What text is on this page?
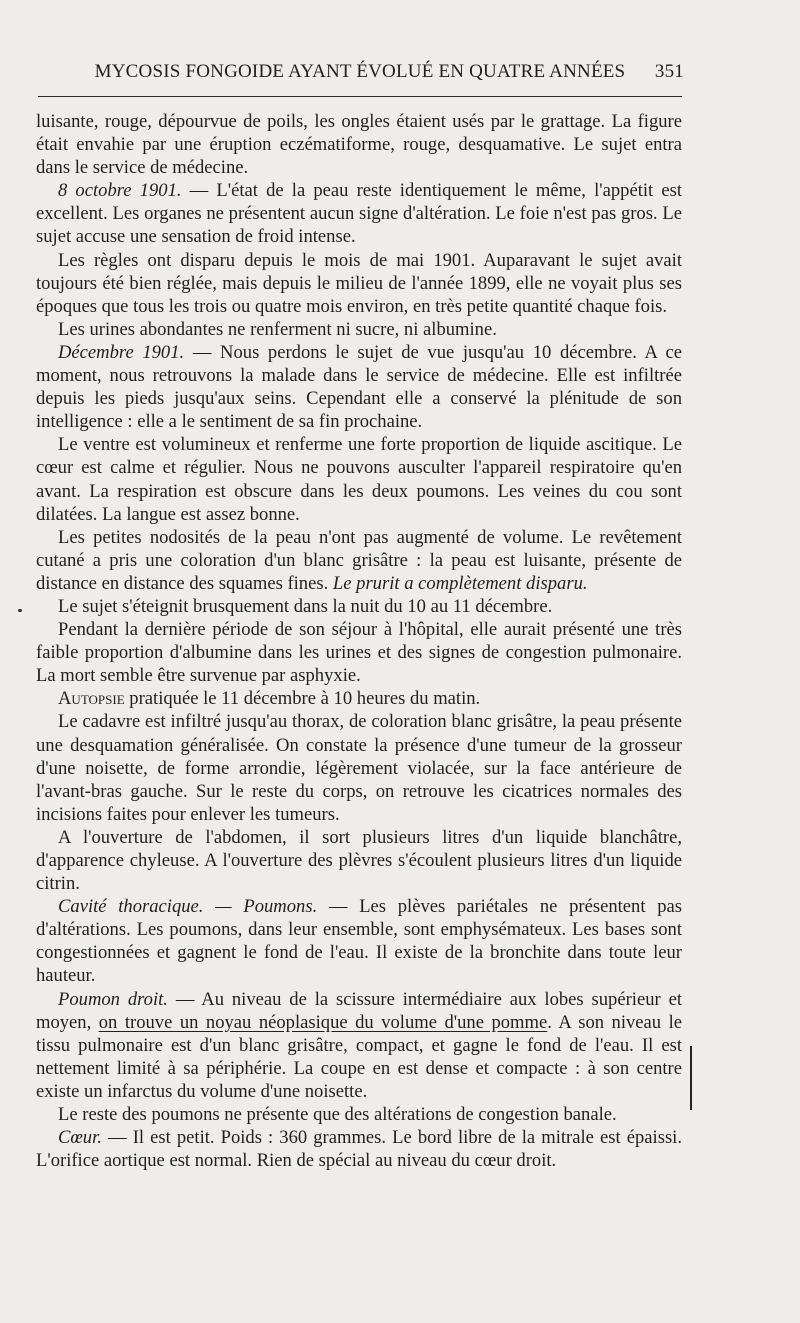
MYCOSIS FONGOIDE AYANT ÉVOLUÉ EN QUATRE ANNÉES	351

luisante, rouge, dépourvue de poils, les ongles étaient usés par le grattage. La figure était envahie par une éruption eczématiforme, rouge, desquamative. Le sujet entra dans le service de médecine.

8 octobre 1901. — L'état de la peau reste identiquement le même, l'appétit est excellent. Les organes ne présentent aucun signe d'altération. Le foie n'est pas gros. Le sujet accuse une sensation de froid intense.

Les règles ont disparu depuis le mois de mai 1901. Auparavant le sujet avait toujours été bien réglée, mais depuis le milieu de l'année 1899, elle ne voyait plus ses époques que tous les trois ou quatre mois environ, en très petite quantité chaque fois.

Les urines abondantes ne renferment ni sucre, ni albumine.

Décembre 1901. — Nous perdons le sujet de vue jusqu'au 10 décembre. A ce moment, nous retrouvons la malade dans le service de médecine. Elle est infiltrée depuis les pieds jusqu'aux seins. Cependant elle a conservé la plénitude de son intelligence : elle a le sentiment de sa fin prochaine.

Le ventre est volumineux et renferme une forte proportion de liquide ascitique. Le cœur est calme et régulier. Nous ne pouvons ausculter l'appareil respiratoire qu'en avant. La respiration est obscure dans les deux poumons. Les veines du cou sont dilatées. La langue est assez bonne.

Les petites nodosités de la peau n'ont pas augmenté de volume. Le revêtement cutané a pris une coloration d'un blanc grisâtre : la peau est luisante, présente de distance en distance des squames fines. Le prurit a complètement disparu.

Le sujet s'éteignit brusquement dans la nuit du 10 au 11 décembre.

Pendant la dernière période de son séjour à l'hôpital, elle aurait présenté une très faible proportion d'albumine dans les urines et des signes de congestion pulmonaire. La mort semble être survenue par asphyxie.

Autopsie pratiquée le 11 décembre à 10 heures du matin.

Le cadavre est infiltré jusqu'au thorax, de coloration blanc grisâtre, la peau présente une desquamation généralisée. On constate la présence d'une tumeur de la grosseur d'une noisette, de forme arrondie, légèrement violacée, sur la face antérieure de l'avant-bras gauche. Sur le reste du corps, on retrouve les cicatrices normales des incisions faites pour enlever les tumeurs.

A l'ouverture de l'abdomen, il sort plusieurs litres d'un liquide blanchâtre, d'apparence chyleuse. A l'ouverture des plèvres s'écoulent plusieurs litres d'un liquide citrin.

Cavité thoracique. — Poumons. — Les plèves pariétales ne présentent pas d'altérations. Les poumons, dans leur ensemble, sont emphysémateux. Les bases sont congestionnées et gagnent le fond de l'eau. Il existe de la bronchite dans toute leur hauteur.

Poumon droit. — Au niveau de la scissure intermédiaire aux lobes supérieur et moyen, on trouve un noyau néoplasique du volume d'une pomme. A son niveau le tissu pulmonaire est d'un blanc grisâtre, compact, et gagne le fond de l'eau. Il est nettement limité à sa périphérie. La coupe en est dense et compacte : à son centre existe un infarctus du volume d'une noisette.

Le reste des poumons ne présente que des altérations de congestion banale.

Cœur. — Il est petit. Poids : 360 grammes. Le bord libre de la mitrale est épaissi. L'orifice aortique est normal. Rien de spécial au niveau du cœur droit.
